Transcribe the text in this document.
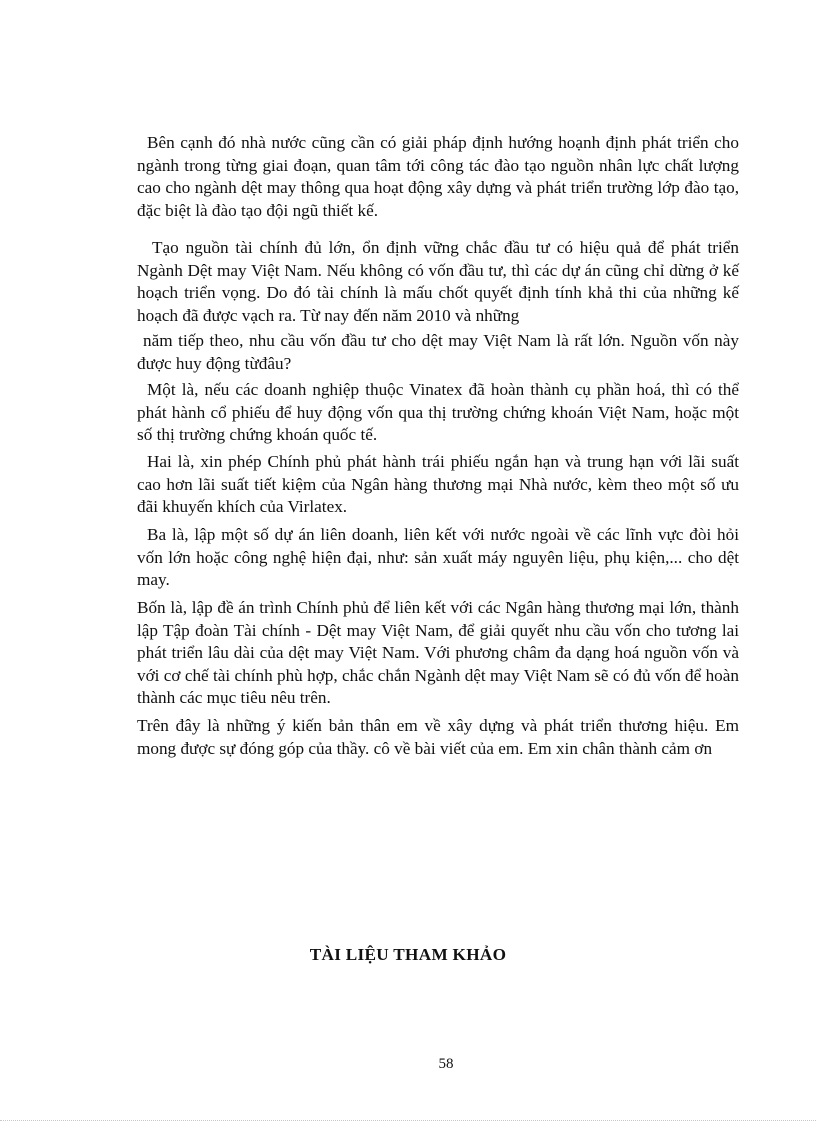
Bên cạnh đó nhà nước cũng cần có giải pháp định hướng hoạnh định phát triển cho ngành trong từng giai đoạn, quan tâm tới công tác đào tạo nguồn nhân lực chất lượng cao cho ngành dệt may thông qua hoạt động xây dựng và phát triển trường lớp đào tạo, đặc biệt là đào tạo đội ngũ thiết kế.

Tạo nguồn tài chính đủ lớn, ổn định vững chắc đầu tư có hiệu quả để phát triển Ngành Dệt may Việt Nam. Nếu không có vốn đầu tư, thì các dự án cũng chỉ dừng ở kế hoạch triển vọng. Do đó tài chính là mấu chốt quyết định tính khả thi của những kế hoạch đã được vạch ra. Từ nay đến năm 2010 và những

năm tiếp theo, nhu cầu vốn đầu tư cho dệt may Việt Nam là rất lớn. Nguồn vốn này được huy động từđâu?

Một là, nếu các doanh nghiệp thuộc Vinatex đã hoàn thành cụ phần hoá, thì có thể phát hành cổ phiếu để huy động vốn qua thị trường chứng khoán Việt Nam, hoặc một số thị trường chứng khoán quốc tế.

Hai là, xin phép Chính phủ phát hành trái phiếu ngắn hạn và trung hạn với lãi suất cao hơn lãi suất tiết kiệm của Ngân hàng thương mại Nhà nước, kèm theo một số ưu đãi khuyến khích của Virlatex.

Ba là, lập một số dự án liên doanh, liên kết với nước ngoài về các lĩnh vực đòi hỏi vốn lớn hoặc công nghệ hiện đại, như: sản xuất máy nguyên liệu, phụ kiện,... cho dệt may.

Bốn là, lập đề án trình Chính phủ để liên kết với các Ngân hàng thương mại lớn, thành lập Tập đoàn Tài chính - Dệt may Việt Nam, để giải quyết nhu cầu vốn cho tương lai phát triển lâu dài của dệt may Việt Nam. Với phương châm đa dạng hoá nguồn vốn và với cơ chế tài chính phù hợp, chắc chắn Ngành dệt may Việt Nam sẽ có đủ vốn để hoàn thành các mục tiêu nêu trên.

Trên đây là những ý kiến bản thân em về xây dựng và phát triển thương hiệu. Em mong được sự đóng góp của thầy. cô về bài viết của em. Em xin chân thành cảm ơn

TÀI LIỆU THAM KHẢO
58
